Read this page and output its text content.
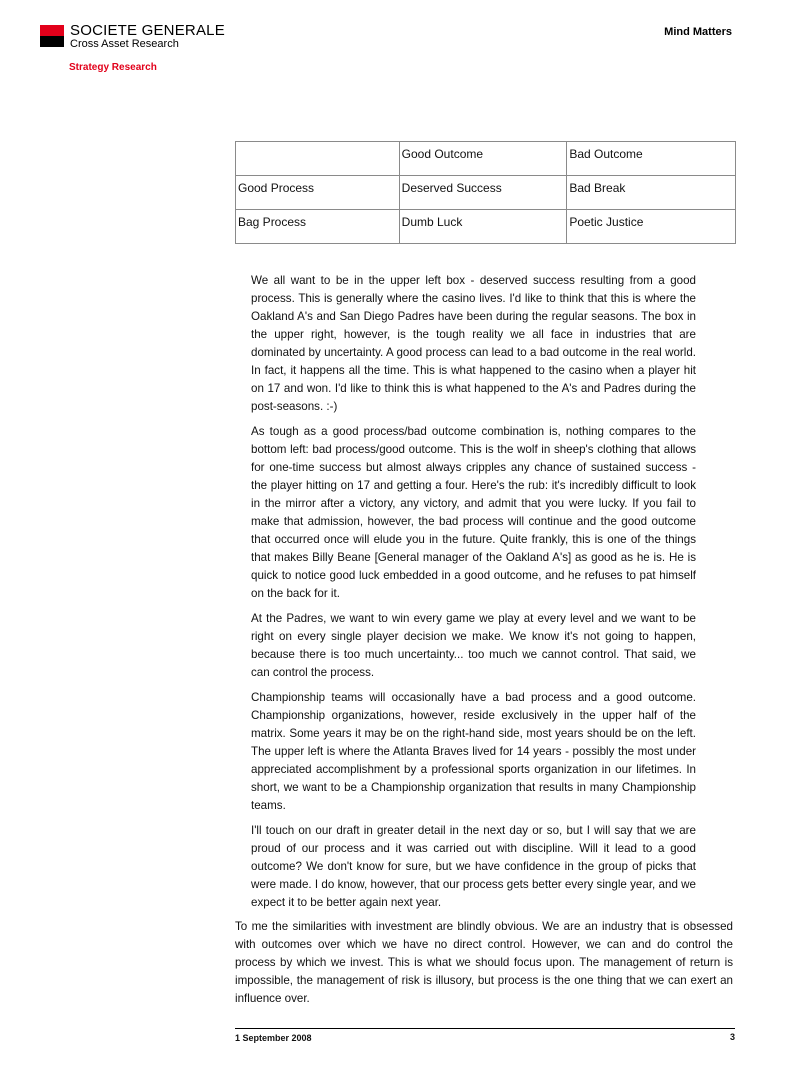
SOCIETE GENERALE
Cross Asset Research
Strategy Research
Mind Matters

	Good Outcome	Bad Outcome

Good Process	Deserved Success	Bad Break

Bag Process	Dumb Luck	Poetic Justice

We all want to be in the upper left box - deserved success resulting from a good process. This is generally where the casino lives. I'd like to think that this is where the Oakland A's and San Diego Padres have been during the regular seasons. The box in the upper right, however, is the tough reality we all face in industries that are dominated by uncertainty. A good process can lead to a bad outcome in the real world. In fact, it happens all the time. This is what happened to the casino when a player hit on 17 and won. I'd like to think this is what happened to the A's and Padres during the post-seasons. :-)

As tough as a good process/bad outcome combination is, nothing compares to the bottom left: bad process/good outcome. This is the wolf in sheep's clothing that allows for one-time success but almost always cripples any chance of sustained success - the player hitting on 17 and getting a four. Here's the rub: it's incredibly difficult to look in the mirror after a victory, any victory, and admit that you were lucky. If you fail to make that admission, however, the bad process will continue and the good outcome that occurred once will elude you in the future. Quite frankly, this is one of the things that makes Billy Beane [General manager of the Oakland A's] as good as he is. He is quick to notice good luck embedded in a good outcome, and he refuses to pat himself on the back for it.

At the Padres, we want to win every game we play at every level and we want to be right on every single player decision we make. We know it's not going to happen, because there is too much uncertainty... too much we cannot control. That said, we can control the process.

Championship teams will occasionally have a bad process and a good outcome. Championship organizations, however, reside exclusively in the upper half of the matrix. Some years it may be on the right-hand side, most years should be on the left. The upper left is where the Atlanta Braves lived for 14 years - possibly the most under appreciated accomplishment by a professional sports organization in our lifetimes. In short, we want to be a Championship organization that results in many Championship teams.

I'll touch on our draft in greater detail in the next day or so, but I will say that we are proud of our process and it was carried out with discipline. Will it lead to a good outcome? We don't know for sure, but we have confidence in the group of picks that were made. I do know, however, that our process gets better every single year, and we expect it to be better again next year.

To me the similarities with investment are blindly obvious. We are an industry that is obsessed with outcomes over which we have no direct control. However, we can and do control the process by which we invest. This is what we should focus upon. The management of return is impossible, the management of risk is illusory, but process is the one thing that we can exert an influence over.

1 September 2008	3
